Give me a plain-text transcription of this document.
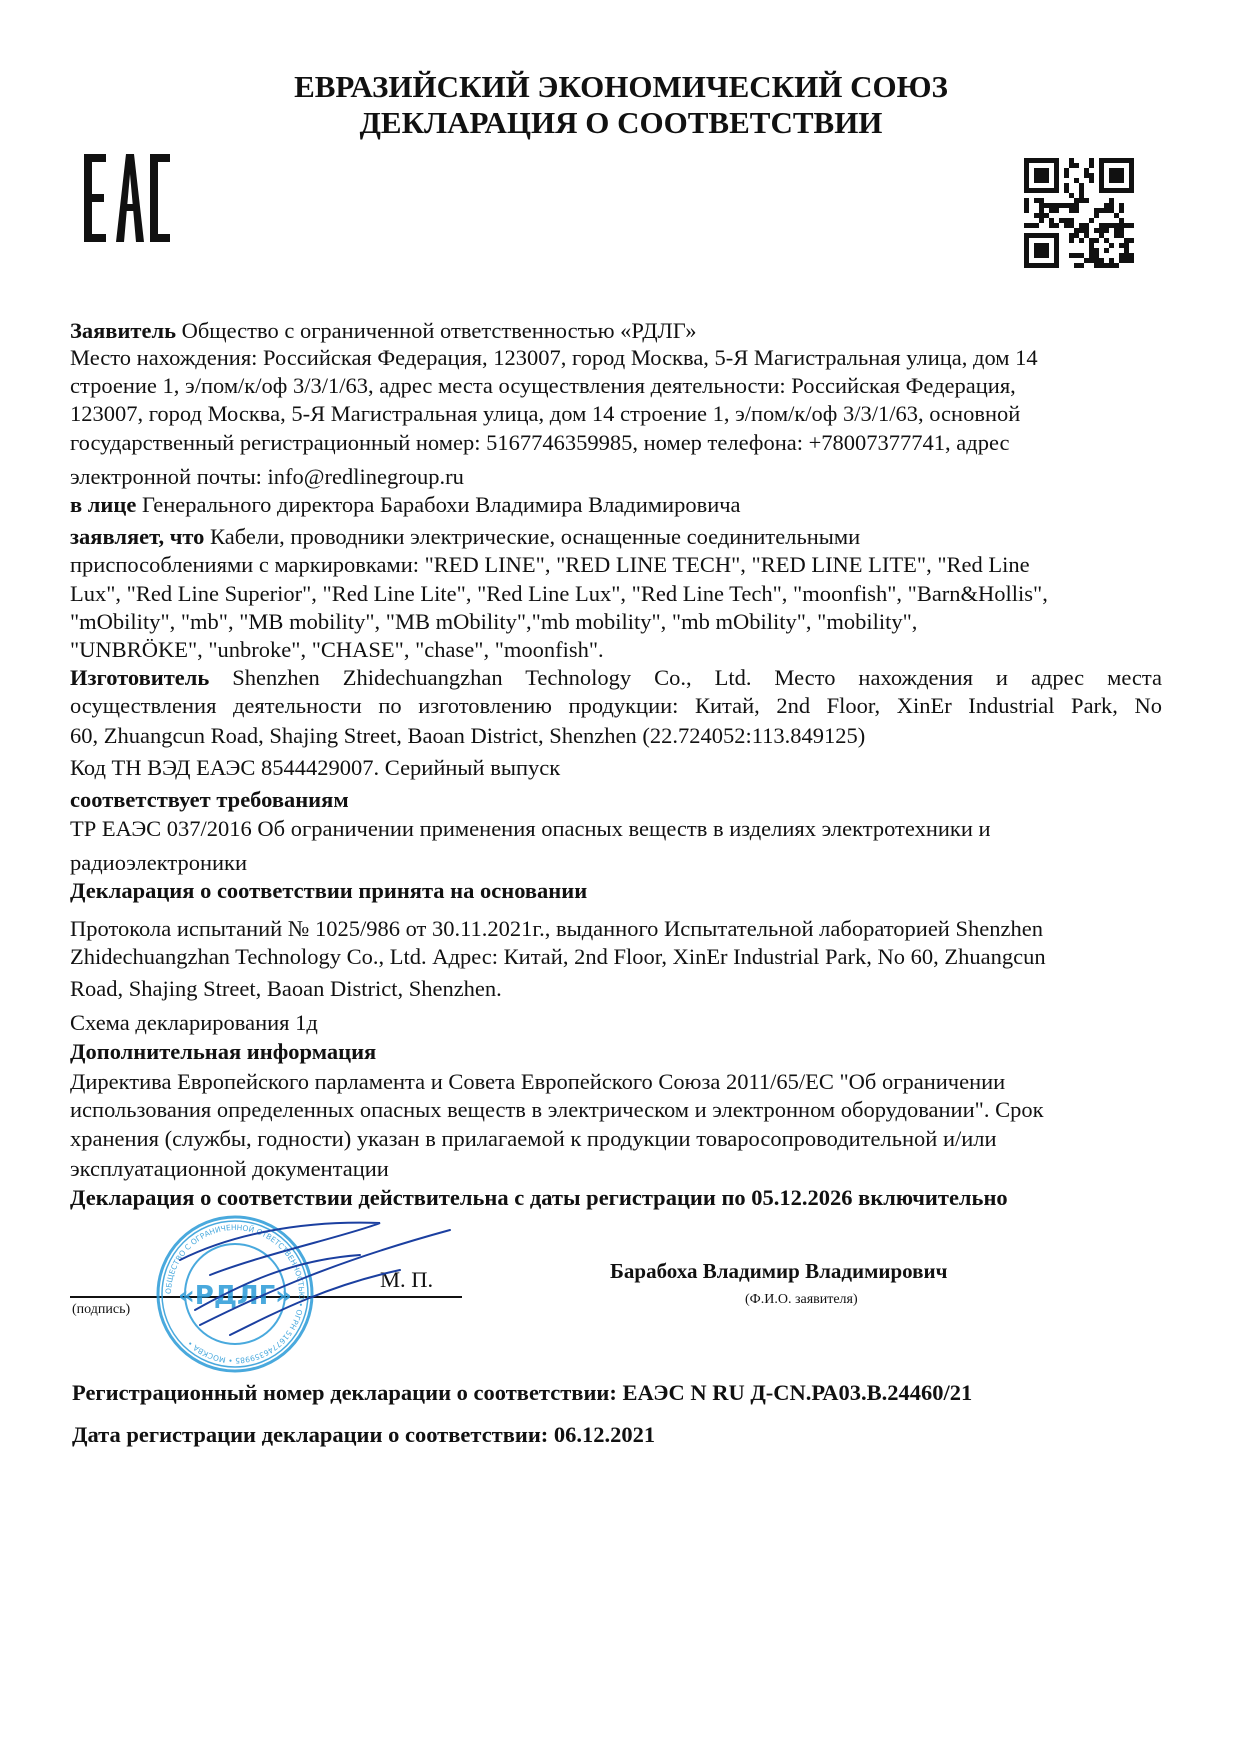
ЕВРАЗИЙСКИЙ ЭКОНОМИЧЕСКИЙ СОЮЗ
ДЕКЛАРАЦИЯ О СООТВЕТСТВИИ
Заявитель Общество с ограниченной ответственностью «РДЛГ»
Место нахождения: Российская Федерация, 123007, город Москва, 5-Я Магистральная улица, дом 14
строение 1, э/пом/к/оф 3/3/1/63, адрес места осуществления деятельности: Российская Федерация,
123007, город Москва, 5-Я Магистральная улица, дом 14 строение 1, э/пом/к/оф 3/3/1/63, основной
государственный регистрационный номер: 5167746359985, номер телефона: +78007377741, адрес
электронной почты: info@redlinegroup.ru
в лице Генерального директора Барабохи Владимира Владимировича
заявляет, что Кабели, проводники электрические, оснащенные соединительными
приспособлениями с маркировками: "RED LINE", "RED LINE TECH", "RED LINE LITE", "Red Line
Lux", "Red Line Superior", "Red Line Lite", "Red Line Lux", "Red Line Tech", "moonfish", "Barn&Hollis",
"mObility", "mb", "MB mobility", "MB mObility","mb mobility", "mb mObility", "mobility",
"UNBRÖKE", "unbroke", "CHASE", "chase", "moonfish".
Изготовитель Shenzhen Zhidechuangzhan Technology Co., Ltd. Место нахождения и адрес места
осуществления деятельности по изготовлению продукции: Китай, 2nd Floor, XinEr Industrial Park, No
60, Zhuangcun Road, Shajing Street, Baoan District, Shenzhen (22.724052:113.849125)
Код ТН ВЭД ЕАЭС 8544429007. Серийный выпуск
соответствует требованиям
ТР ЕАЭС 037/2016 Об ограничении применения опасных веществ в изделиях электротехники и
радиоэлектроники
Декларация о соответствии принята на основании
Протокола испытаний № 1025/986 от 30.11.2021г., выданного Испытательной лабораторией Shenzhen
Zhidechuangzhan Technology Co., Ltd. Адрес: Китай, 2nd Floor, XinEr Industrial Park, No 60, Zhuangcun
Road, Shajing Street, Baoan District, Shenzhen.
Схема декларирования 1д
Дополнительная информация
Директива Европейского парламента и Совета Европейского Союза 2011/65/ЕС "Об ограничении
использования определенных опасных веществ в электрическом и электронном оборудовании". Срок
хранения (службы, годности) указан в прилагаемой к продукции товаросопроводительной и/или
эксплуатационной документации
Декларация о соответствии действительна с даты регистрации по 05.12.2026 включительно
М. П.
(подпись)
Барабоха Владимир Владимирович
(Ф.И.О. заявителя)
ОБЩЕСТВО С ОГРАНИЧЕННОЙ ОТВЕТСТВЕННОСТЬЮ • ОГРН 5167746359985 • МОСКВА •
«РДЛГ»
Регистрационный номер декларации о соответствии: ЕАЭС N RU Д-CN.РА03.В.24460/21
Дата регистрации декларации о соответствии: 06.12.2021
